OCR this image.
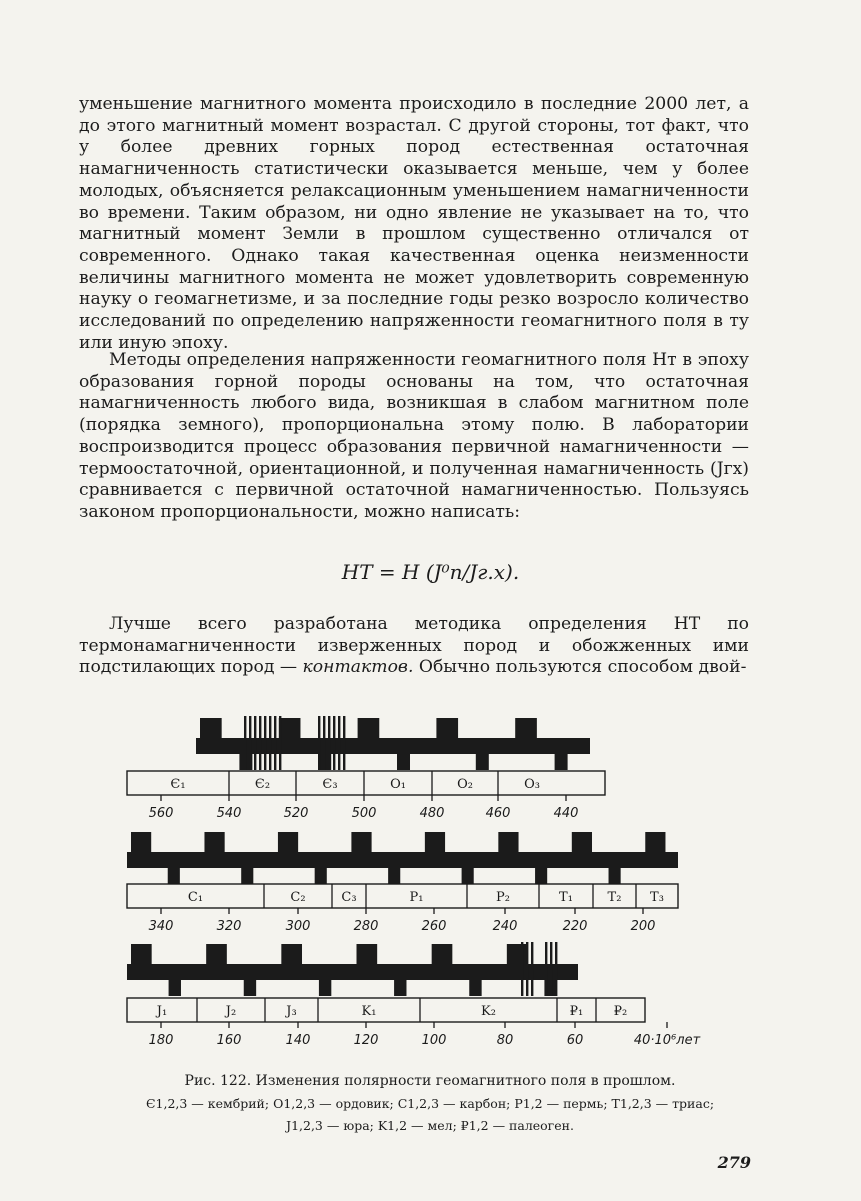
уменьшение магнитного момента происходило в последние 2000 лет, а до этого магнитный момент возрастал. С другой стороны, тот факт, что у более древних горных пород естественная остаточная намагниченность статистически оказывается меньше, чем у более молодых, объясняется релаксационным уменьшением намагниченности во времени. Таким образом, ни одно явление не указывает на то, что магнитный момент Земли в прошлом существенно отличался от современного. Однако такая качественная оценка неизменности величины магнитного момента не может удовлетворить современную науку о геомагнетизме, и за последние годы резко возросло количество исследований по определению напряженности геомагнитного поля в ту или иную эпоху.

Методы определения напряженности геомагнитного поля Hт в эпоху образования горной породы основаны на том, что остаточная намагниченность любого вида, возникшая в слабом магнитном поле (порядка земного), пропорциональна этому полю. В лаборатории воспроизводится процесс образования первичной намагниченности — термоостаточной, ориентационной, и полученная намагниченность (Jгх) сравнивается с первичной остаточной намагниченностью. Пользуясь законом пропорциональности, можно написать:

HT = H (J⁰п/Jг.х).

Лучше всего разработана методика определения HT по термонамагниченности изверженных пород и обожженных ими подстилающих пород — контактов. Обычно пользуются способом двой-

Є₁	Є₂	Є₃	O₁	O₂	O₃
560	540	520	500	480	460	440
C₁	C₂	C₃	P₁	P₂	T₁	T₂ T₃
340	320	300	280	260	240	220	200
J₁	J₂	J₃	K₁	K₂	₽₁ ₽₂
180	160	140	120	100	80	60	40·10⁶лет
Рис. 122. Изменения полярности геомагнитного поля в прошлом.
Є1,2,3 — кембрий; O1,2,3 — ордовик; C1,2,3 — карбон; P1,2 — пермь; T1,2,3 — триас;
J1,2,3 — юра; K1,2 — мел; ₽1,2 — палеоген.
279
